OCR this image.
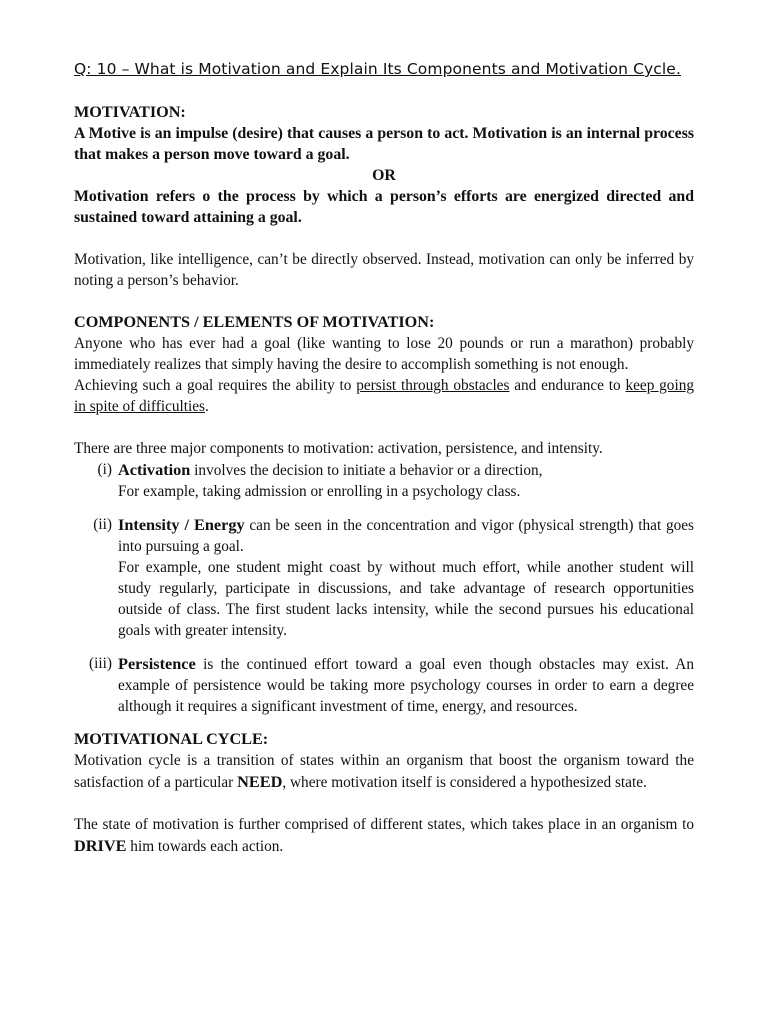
Q: 10 – What is Motivation and Explain Its Components and Motivation Cycle.
MOTIVATION:

A Motive is an impulse (desire) that causes a person to act. Motivation is an internal process that makes a person move toward a goal.

OR

Motivation refers o the process by which a person’s efforts are energized directed and sustained toward attaining a goal.

Motivation, like intelligence, can’t be directly observed. Instead, motivation can only be inferred by noting a person’s behavior.

COMPONENTS / ELEMENTS OF MOTIVATION:

Anyone who has ever had a goal (like wanting to lose 20 pounds or run a marathon) probably immediately realizes that simply having the desire to accomplish something is not enough.

Achieving such a goal requires the ability to persist through obstacles and endurance to keep going in spite of difficulties.

There are three major components to motivation: activation, persistence, and intensity.

(i) Activation involves the decision to initiate a behavior or a direction,

For example, taking admission or enrolling in a psychology class.

(ii) Intensity / Energy can be seen in the concentration and vigor (physical strength) that goes into pursuing a goal.

For example, one student might coast by without much effort, while another student will study regularly, participate in discussions, and take advantage of research opportunities outside of class. The first student lacks intensity, while the second pursues his educational goals with greater intensity.

(iii) Persistence is the continued effort toward a goal even though obstacles may exist. An example of persistence would be taking more psychology courses in order to earn a degree although it requires a significant investment of time, energy, and resources.

MOTIVATIONAL CYCLE:

Motivation cycle is a transition of states within an organism that boost the organism toward the satisfaction of a particular NEED, where motivation itself is considered a hypothesized state.

The state of motivation is further comprised of different states, which takes place in an organism to DRIVE him towards each action.
